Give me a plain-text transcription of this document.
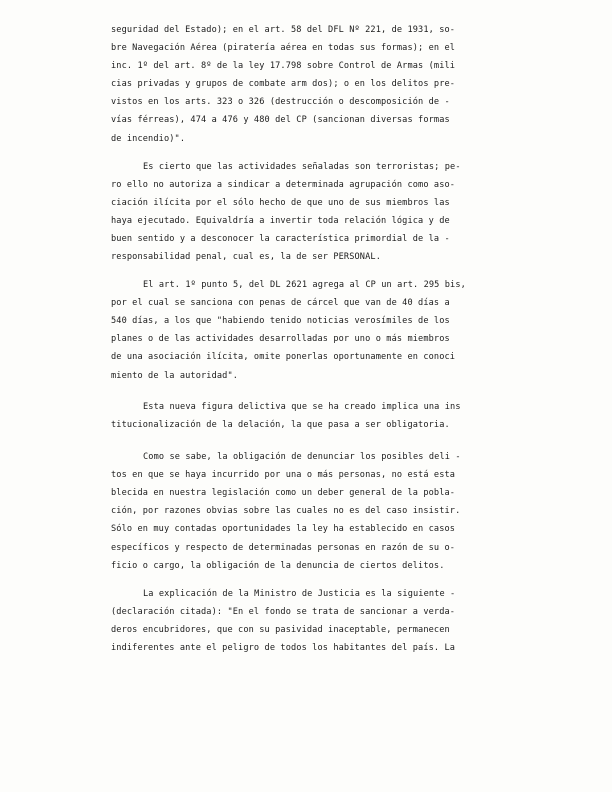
seguridad del Estado); en el art. 58 del DFL Nº 221, de 1931, so-
bre Navegación Aérea (piratería aérea en todas sus formas); en el
inc. 1º del art. 8º de la ley 17.798 sobre Control de Armas (mili
cias privadas y grupos de combate arm dos); o en los delitos pre-
vistos en los arts. 323 o 326 (destrucción o descomposición de -
vías férreas), 474 a 476 y 480 del CP (sancionan diversas formas
de incendio)".
Es cierto que las actividades señaladas son terroristas; pe-
ro ello no autoriza a sindicar a determinada agrupación como aso-
ciación ilícita por el sólo hecho de que uno de sus miembros las
haya ejecutado. Equivaldría a invertir toda relación lógica y de
buen sentido y a desconocer la característica primordial de la -
responsabilidad penal, cual es, la de ser PERSONAL.
El art. 1º punto 5, del DL 2621 agrega al CP un art. 295 bis,
por el cual se sanciona con penas de cárcel que van de 40 días a
540 días, a los que "habiendo tenido noticias verosímiles de los
planes o de las actividades desarrolladas por uno o más miembros
de una asociación ilícita, omite ponerlas oportunamente en conoci
miento de la autoridad".
Esta nueva figura delictiva que se ha creado implica una ins
titucionalización de la delación, la que pasa a ser obligatoria.
Como se sabe, la obligación de denunciar los posibles deli -
tos en que se haya incurrido por una o más personas, no está esta
blecida en nuestra legislación como un deber general de la pobla-
ción, por razones obvias sobre las cuales no es del caso insistir.
Sólo en muy contadas oportunidades la ley ha establecido en casos
específicos y respecto de determinadas personas en razón de su o-
ficio o cargo, la obligación de la denuncia de ciertos delitos.
La explicación de la Ministro de Justicia es la siguiente -
(declaración citada): "En el fondo se trata de sancionar a verda-
deros encubridores, que con su pasividad inaceptable, permanecen
indiferentes ante el peligro de todos los habitantes del país. La
